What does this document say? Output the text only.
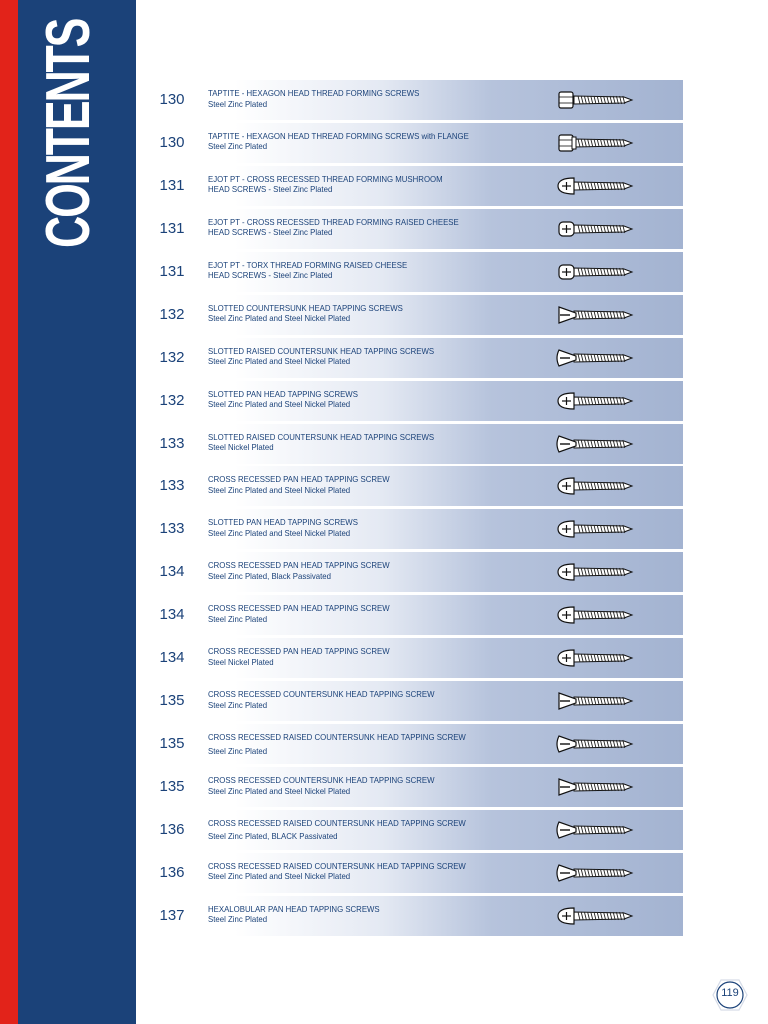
CONTENTS	130	TAPTITE - HEXAGON HEAD THREAD FORMING SCREWS
Steel Zinc Plated
130	TAPTITE - HEXAGON HEAD THREAD FORMING SCREWS with FLANGE
Steel Zinc Plated
131	EJOT PT - CROSS RECESSED THREAD FORMING MUSHROOM
HEAD SCREWS - Steel Zinc Plated
131	EJOT PT - CROSS RECESSED THREAD FORMING RAISED CHEESE
HEAD SCREWS - Steel Zinc Plated
131	EJOT PT - TORX THREAD FORMING RAISED CHEESE
HEAD SCREWS - Steel Zinc Plated
132	SLOTTED COUNTERSUNK HEAD TAPPING SCREWS
Steel Zinc Plated and Steel Nickel Plated
132	SLOTTED RAISED COUNTERSUNK HEAD TAPPING SCREWS
Steel Zinc Plated and Steel Nickel Plated
132	SLOTTED PAN HEAD TAPPING SCREWS
Steel Zinc Plated and Steel Nickel Plated
133	SLOTTED RAISED COUNTERSUNK HEAD TAPPING SCREWS
Steel Nickel Plated
133	CROSS RECESSED PAN HEAD TAPPING SCREW
Steel Zinc Plated and Steel Nickel Plated
133	SLOTTED PAN HEAD TAPPING SCREWS
Steel Zinc Plated and Steel Nickel Plated
134	CROSS RECESSED PAN HEAD TAPPING SCREW
Steel Zinc Plated, Black Passivated
134	CROSS RECESSED PAN HEAD TAPPING SCREW
Steel Zinc Plated
134	CROSS RECESSED PAN HEAD TAPPING SCREW
Steel Nickel Plated
135	CROSS RECESSED COUNTERSUNK HEAD TAPPING SCREW
Steel Zinc Plated
135	CROSS RECESSED RAISED COUNTERSUNK HEAD TAPPING SCREW
Steel Zinc Plated
135	CROSS RECESSED COUNTERSUNK HEAD TAPPING SCREW
Steel Zinc Plated and Steel Nickel Plated
136	CROSS RECESSED RAISED COUNTERSUNK HEAD TAPPING SCREW
Steel Zinc Plated, BLACK Passivated
136	CROSS RECESSED RAISED COUNTERSUNK HEAD TAPPING SCREW
Steel Zinc Plated and Steel Nickel Plated
137	HEXALOBULAR PAN HEAD TAPPING SCREWS
Steel Zinc Plated
119
